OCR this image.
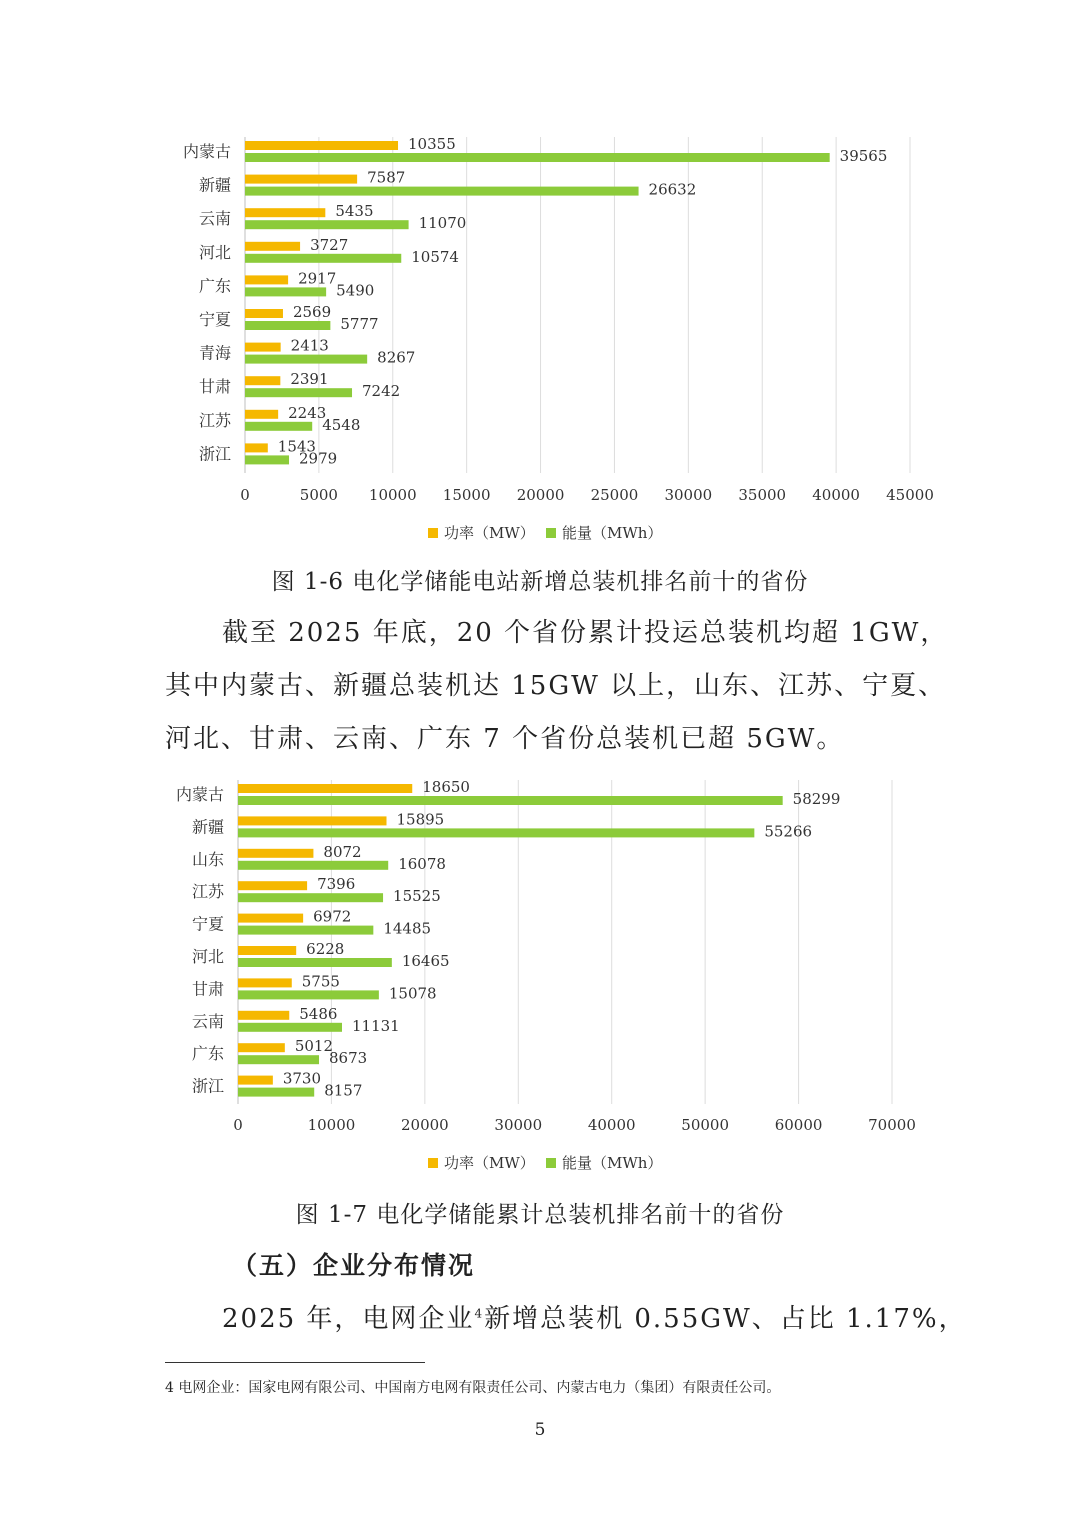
0	5000 10000 15000 20000 25000 30000 35000 40000 45000
内蒙古	10355
39565
新疆	7587
26632
云南	5435
11070
河北	3727
10574
广东	2917
5490
宁夏	2569
5777
青海	2413
8267
甘肃	2391
7242
江苏	2243
4548
浙江	1543
2979
功率（MW） 能量（MWh）
图 1-6 电化学储能电站新增总装机排名前十的省份
截至 2025 年底，20 个省份累计投运总装机均超 1GW，
其中内蒙古、新疆总装机达 15GW 以上，山东、江苏、宁夏、
河北、甘肃、云南、广东 7 个省份总装机已超 5GW。
0	10000	20000	30000	40000	50000	60000	70000
内蒙古	18650
58299
新疆	15895
55266
山东	8072
16078
江苏	7396
15525
宁夏	6972
14485
河北	6228
16465
甘肃	5755
15078
云南	5486
11131
广东	5012
8673
浙江	3730
8157
功率（MW） 能量（MWh）
图 1-7 电化学储能累计总装机排名前十的省份
（五）企业分布情况
2025 年，电网企业$^4$新增总装机 0.55GW、占比 1.17%，
4 电网企业：国家电网有限公司、中国南方电网有限责任公司、内蒙古电力（集团）有限责任公司。
5
